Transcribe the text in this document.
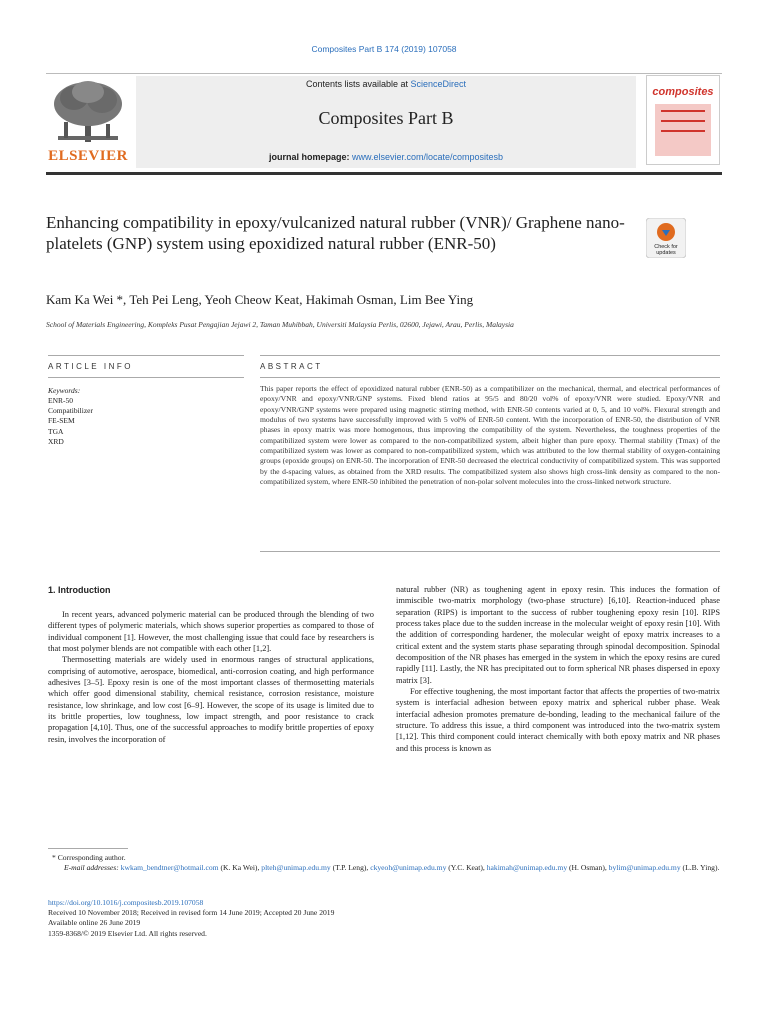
Composites Part B 174 (2019) 107058
ELSEVIER
Contents lists available at ScienceDirect
Composites Part B
journal homepage: www.elsevier.com/locate/compositesb
composites
Enhancing compatibility in epoxy/vulcanized natural rubber (VNR)/ Graphene nano-platelets (GNP) system using epoxidized natural rubber (ENR-50)	Check for updates
Kam Ka Wei *, Teh Pei Leng, Yeoh Cheow Keat, Hakimah Osman, Lim Bee Ying
School of Materials Engineering, Kompleks Pusat Pengajian Jejawi 2, Taman Muhibbah, Universiti Malaysia Perlis, 02600, Jejawi, Arau, Perlis, Malaysia
ARTICLE INFO	ABSTRACT
Keywords:
ENR-50
Compatibilizer
FE-SEM
TGA
XRD
This paper reports the effect of epoxidized natural rubber (ENR-50) as a compatibilizer on the mechanical, thermal, and electrical performances of epoxy/VNR and epoxy/VNR/GNP systems. Fixed blend ratios at 95/5 and 80/20 vol% of epoxy/VNR were studied. Epoxy/VNR and epoxy/VNR/GNP systems were prepared using magnetic stirring method, with ENR-50 contents varied at 0, 5, and 10 vol%. Flexural strength and modulus of two systems have successfully improved with 5 vol% of ENR-50 content. With the incorporation of ENR-50, the distribution of VNR phases in epoxy matrix was more homogenous, thus improving the compatibility of the system. Nevertheless, the toughness properties of the compatibilized system were lower as compared to the non-compatibilized system, albeit higher than pure epoxy. Thermal stability (Tmax) of the compatibilized system was lower as compared to non-compatibilized system, which was attributed to the low thermal stability of oxygen-containing groups (epoxide groups) on ENR-50. The incorporation of ENR-50 decreased the electrical conductivity of compatibilized system. This was supported by the d-spacing values, as obtained from the XRD results. The compatibilized system also shows high cross-link density as compared to the non-compatibilized system, where ENR-50 inhibited the penetration of non-polar solvent molecules into the cross-linked network structure.
1. Introduction

In recent years, advanced polymeric material can be produced through the blending of two different types of polymeric materials, which shows superior properties as compared to those of individual component [1]. However, the most challenging issue that could face by researchers is that most polymer blends are not compatible with each other [1,2].

Thermosetting materials are widely used in enormous ranges of structural applications, comprising of automotive, aerospace, biomedical, anti-corrosion coating, and high performance adhesives [3–5]. Epoxy resin is one of the most important classes of thermosetting materials which offer good dimensional stability, chemical resistance, corrosion resistance, moisture resistance, low shrinkage, and low cost [6–9]. However, the scope of its usage is limited due to its brittle properties, low toughness, low impact strength, and poor resistance to crack propagation [4,10]. Thus, one of the successful approaches to modify brittle properties of epoxy resin, involves the incorporation of

natural rubber (NR) as toughening agent in epoxy resin. This induces the formation of immiscible two-matrix morphology (two-phase structure) [6,10]. Reaction-induced phase separation (RIPS) is important to the success of rubber toughening epoxy resin [10]. RIPS process takes place due to the sudden increase in the molecular weight of epoxy resin [10]. With the addition of corresponding hardener, the molecular weight of epoxy matrix increases to a critical extent and the system starts phase separating through spinodal decomposition. Spinodal decomposition of the NR phases has emerged in the system in which the epoxy resins are cured rapidly [11]. Lastly, the NR has precipitated out to form spherical NR phases dispersed in epoxy matrix [3].

For effective toughening, the most important factor that affects the properties of two-matrix system is interfacial adhesion between epoxy matrix and spherical rubber phase. Weak interfacial adhesion promotes premature de-bonding, leading to the mechanical failure of the structure. To address this issue, a third component was introduced into the two-matrix system [1,12]. This third component could interact chemically with both epoxy matrix and NR phases and this process is known as

* Corresponding author.
E-mail addresses: kwkam_bendtner@hotmail.com (K. Ka Wei), plteh@unimap.edu.my (T.P. Leng), ckyeoh@unimap.edu.my (Y.C. Keat), hakimah@unimap.edu.my (H. Osman), bylim@unimap.edu.my (L.B. Ying).
https://doi.org/10.1016/j.compositesb.2019.107058
Received 10 November 2018; Received in revised form 14 June 2019; Accepted 20 June 2019
Available online 26 June 2019
1359-8368/© 2019 Elsevier Ltd. All rights reserved.
